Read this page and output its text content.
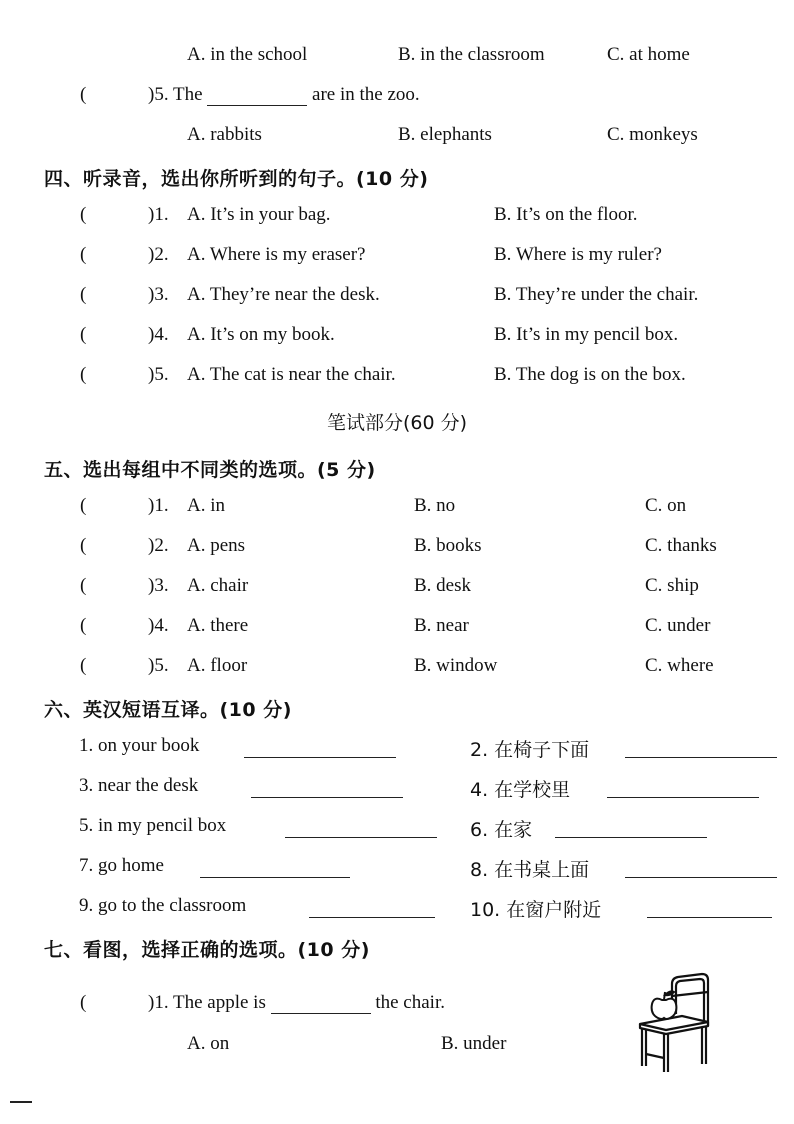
A. in the school	B. in the classroom	C. at home
(	)5. The	are in the zoo.
A. rabbits	B. elephants	C. monkeys
四、听录音，选出你所听到的句子。(10 分)
(	)1. A. It’s in your bag.	B. It’s on the floor.
(	)2. A. Where is my eraser?	B. Where is my ruler?
(	)3. A. They’re near the desk.	B. They’re under the chair.
(	)4. A. It’s on my book.	B. It’s in my pencil box.
(	)5. A. The cat is near the chair.	B. The dog is on the box.
笔试部分(60 分)
五、选出每组中不同类的选项。(5 分)
(	)1. A. in	B. no	C. on
(	)2. A. pens	B. books	C. thanks
(	)3. A. chair	B. desk	C. ship
(	)4. A. there	B. near	C. under
(	)5. A. floor	B. window	C. where
六、英汉短语互译。(10 分)
1. on your book	2. 在椅子下面
3. near the desk	4. 在学校里
5. in my pencil box	6. 在家
7. go home	8. 在书桌上面
9. go to the classroom	10. 在窗户附近
七、看图，选择正确的选项。(10 分)
(	)1. The apple is	the chair.
A. on	B. under
